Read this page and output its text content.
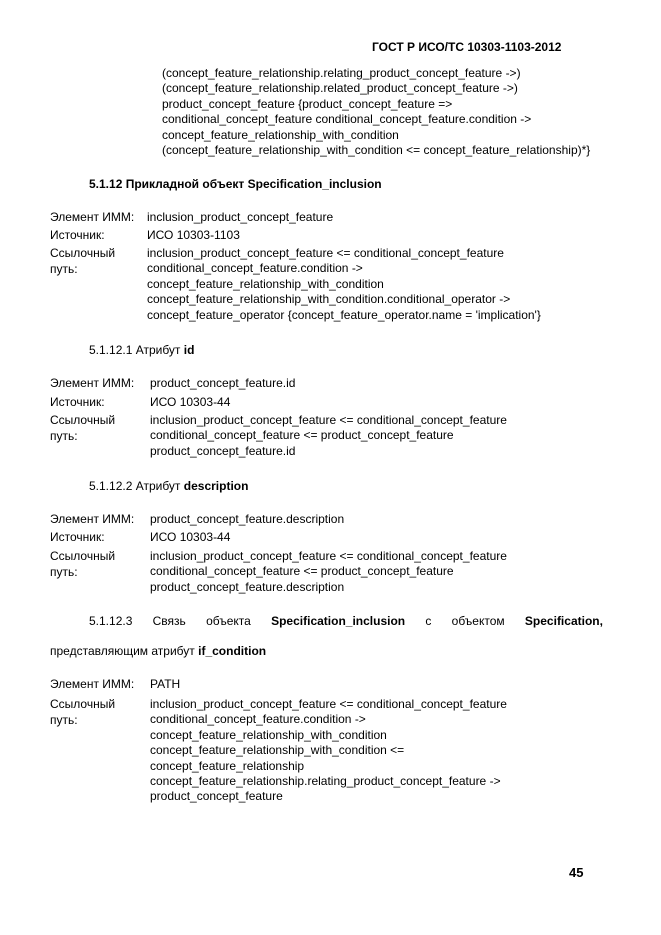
ГОСТ Р ИСО/ТС 10303-1103-2012
(concept_feature_relationship.relating_product_concept_feature ->)
(concept_feature_relationship.related_product_concept_feature ->)
product_concept_feature {product_concept_feature =>
conditional_concept_feature conditional_concept_feature.condition ->
concept_feature_relationship_with_condition
(concept_feature_relationship_with_condition <= concept_feature_relationship)*}
5.1.12 Прикладной объект Specification_inclusion
Элемент ИММ: inclusion_product_concept_feature
Источник:	ИСО 10303-1103
Ссылочный
путь:
inclusion_product_concept_feature <= conditional_concept_feature
conditional_concept_feature.condition ->
concept_feature_relationship_with_condition
concept_feature_relationship_with_condition.conditional_operator ->
concept_feature_operator {concept_feature_operator.name = 'implication'}
5.1.12.1 Атрибут id
Элемент ИММ: product_concept_feature.id
Источник:	ИСО 10303-44
Ссылочный
путь:
inclusion_product_concept_feature <= conditional_concept_feature
conditional_concept_feature <= product_concept_feature
product_concept_feature.id
5.1.12.2 Атрибут description
Элемент ИММ: product_concept_feature.description
Источник:	ИСО 10303-44
Ссылочный
путь:
inclusion_product_concept_feature <= conditional_concept_feature
conditional_concept_feature <= product_concept_feature
product_concept_feature.description
5.1.12.3 Связь объекта Specification_inclusion с объектом Specification,
представляющим атрибут if_condition
Элемент ИММ: PATH
Ссылочный
путь:
inclusion_product_concept_feature <= conditional_concept_feature
conditional_concept_feature.condition ->
concept_feature_relationship_with_condition
concept_feature_relationship_with_condition <=
concept_feature_relationship
concept_feature_relationship.relating_product_concept_feature ->
product_concept_feature
45
